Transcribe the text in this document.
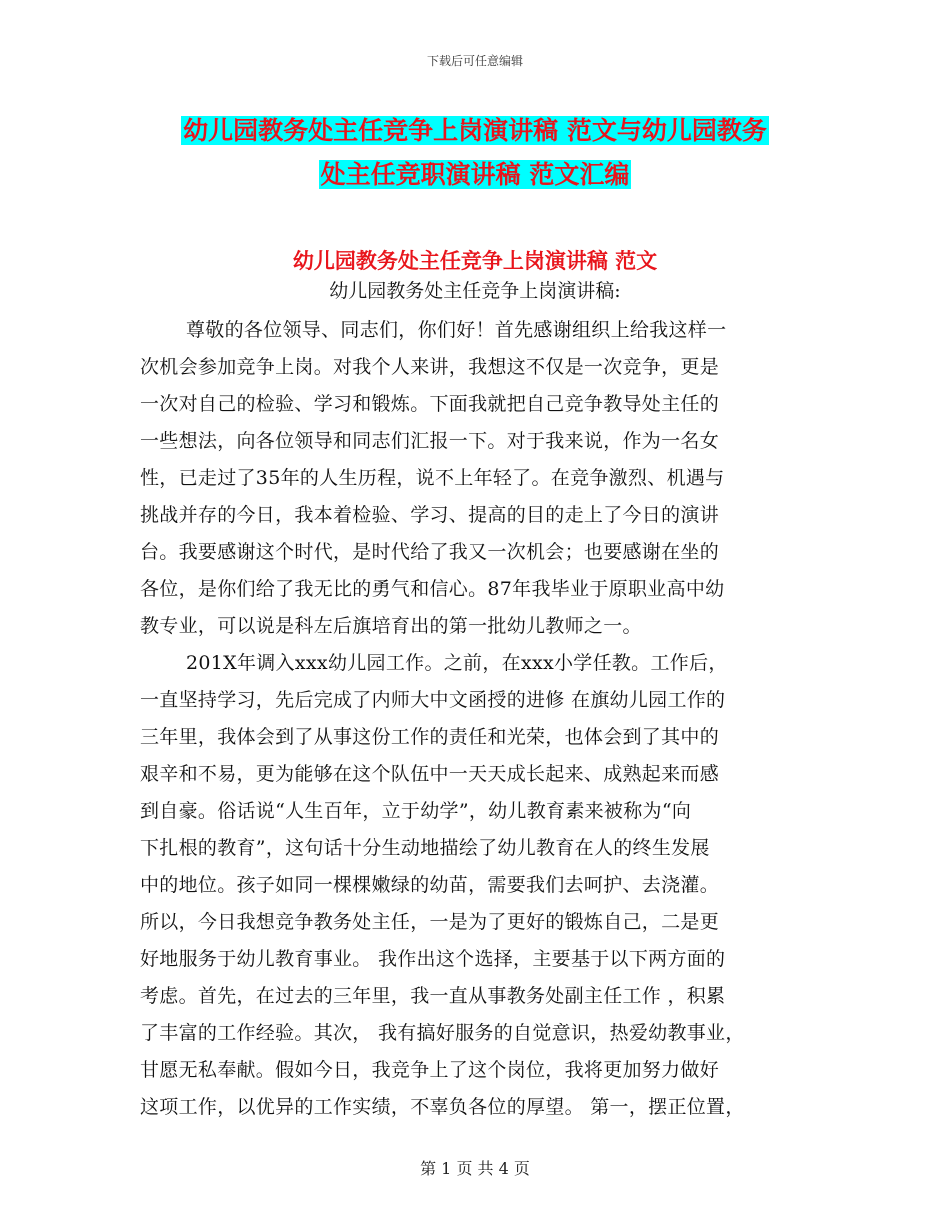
下载后可任意编辑
幼儿园教务处主任竞争上岗演讲稿 范文与幼儿园教务
处主任竞职演讲稿 范文汇编
幼儿园教务处主任竞争上岗演讲稿 范文
幼儿园教务处主任竞争上岗演讲稿:
尊敬的各位领导、同志们，你们好！首先感谢组织上给我这样一
次机会参加竞争上岗。对我个人来讲，我想这不仅是一次竞争，更是
一次对自己的检验、学习和锻炼。下面我就把自己竞争教导处主任的
一些想法，向各位领导和同志们汇报一下。对于我来说，作为一名女
性，已走过了35年的人生历程，说不上年轻了。在竞争激烈、机遇与
挑战并存的今日，我本着检验、学习、提高的目的走上了今日的演讲
台。我要感谢这个时代，是时代给了我又一次机会；也要感谢在坐的
各位，是你们给了我无比的勇气和信心。87年我毕业于原职业高中幼
教专业，可以说是科左后旗培育出的第一批幼儿教师之一。
201X年调入xxx幼儿园工作。之前，在xxx小学任教。工作后，
一直坚持学习，先后完成了内师大中文函授的进修 在旗幼儿园工作的
三年里，我体会到了从事这份工作的责任和光荣，也体会到了其中的
艰辛和不易，更为能够在这个队伍中一天天成长起来、成熟起来而感
到自豪。俗话说“人生百年，立于幼学”，幼儿教育素来被称为“向
下扎根的教育”，这句话十分生动地描绘了幼儿教育在人的终生发展
中的地位。孩子如同一棵棵嫩绿的幼苗，需要我们去呵护、去浇灌。
所以，今日我想竞争教务处主任，一是为了更好的锻炼自己，二是更
好地服务于幼儿教育事业。 我作出这个选择，主要基于以下两方面的
考虑。首先，在过去的三年里，我一直从事教务处副主任工作 ，积累
了丰富的工作经验。其次， 我有搞好服务的自觉意识，热爱幼教事业，
甘愿无私奉献。假如今日，我竞争上了这个岗位，我将更加努力做好
这项工作，以优异的工作实绩，不辜负各位的厚望。 第一，摆正位置，
第 1 页 共 4 页
